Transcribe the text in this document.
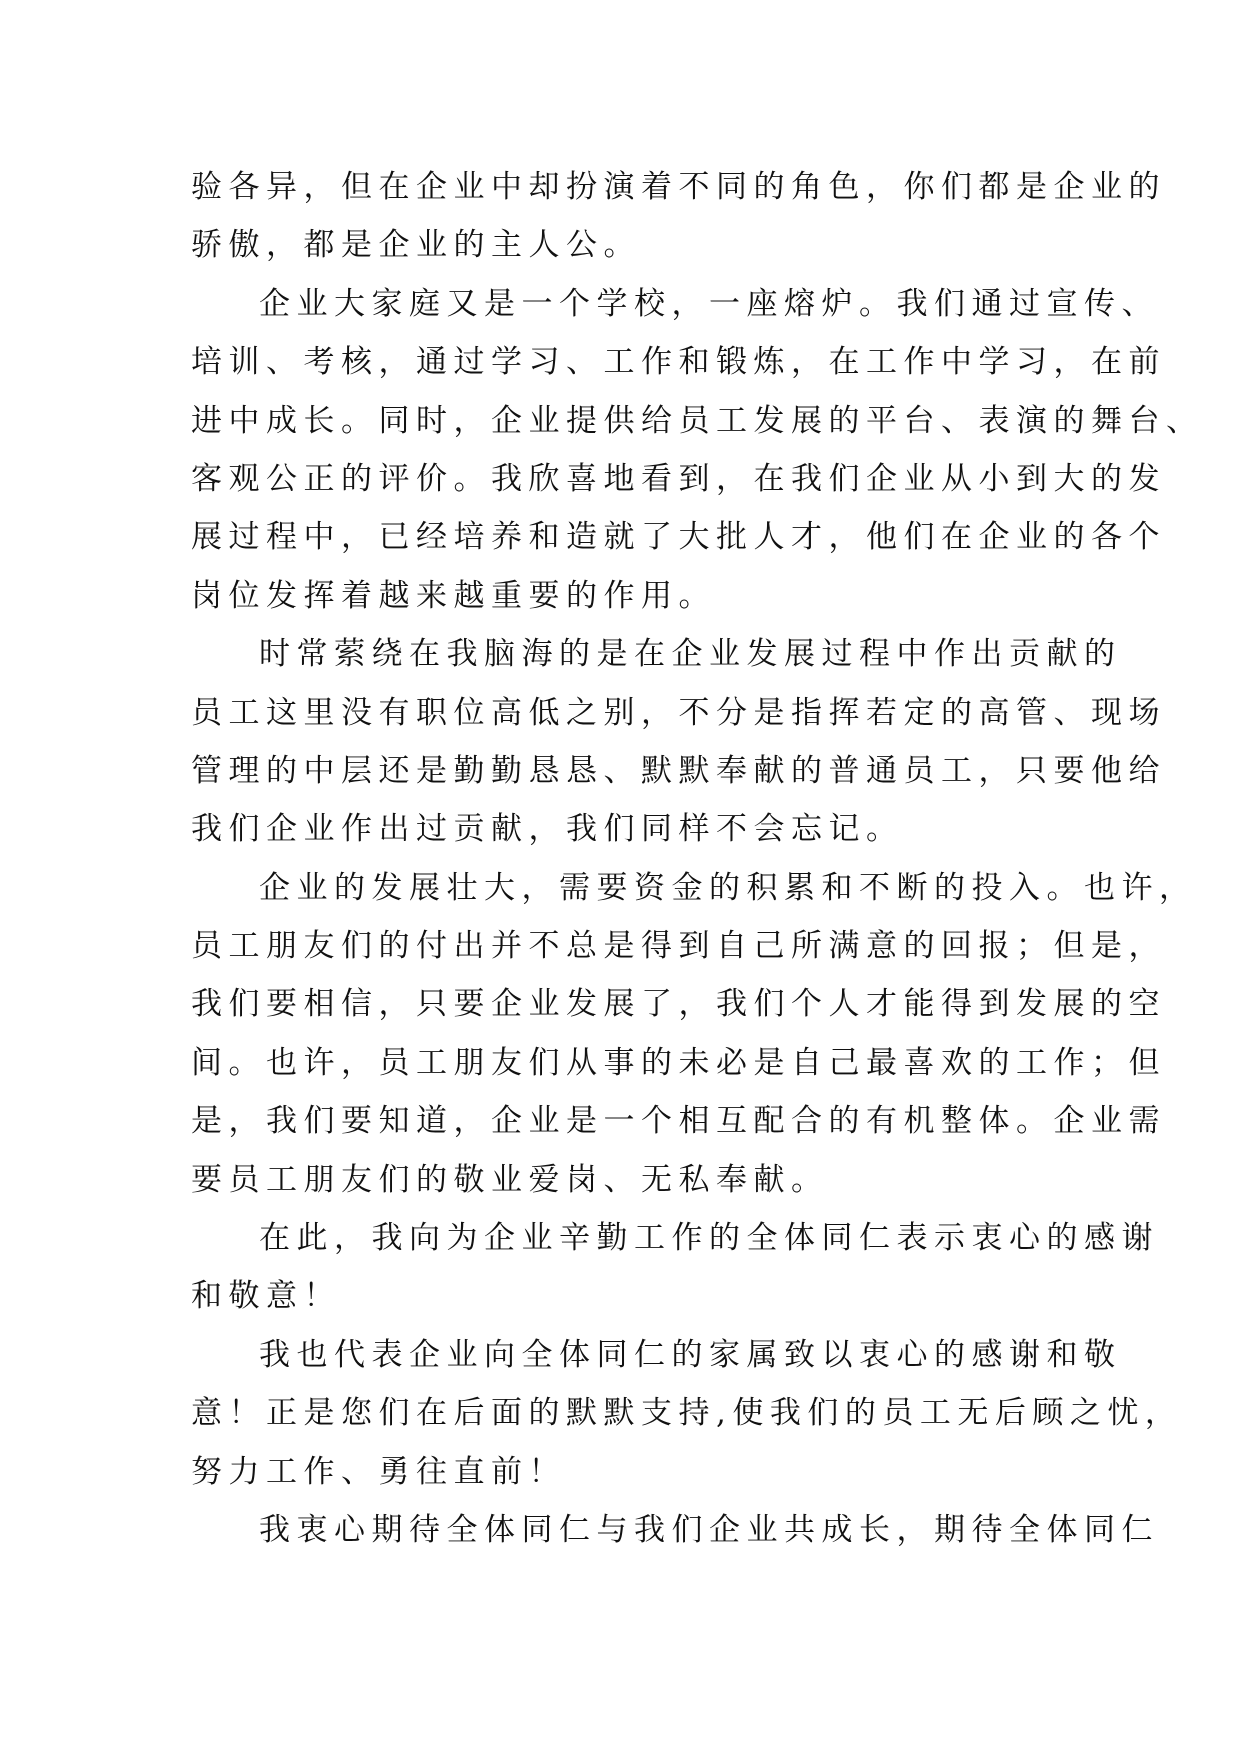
验各异，但在企业中却扮演着不同的角色，你们都是企业的
骄傲，都是企业的主人公。
企业大家庭又是一个学校，一座熔炉。我们通过宣传、
培训、考核，通过学习、工作和锻炼，在工作中学习，在前
进中成长。同时，企业提供给员工发展的平台、表演的舞台、
客观公正的评价。我欣喜地看到，在我们企业从小到大的发
展过程中，已经培养和造就了大批人才，他们在企业的各个
岗位发挥着越来越重要的作用。
时常萦绕在我脑海的是在企业发展过程中作出贡献的
员工这里没有职位高低之别，不分是指挥若定的高管、现场
管理的中层还是勤勤恳恳、默默奉献的普通员工，只要他给
我们企业作出过贡献，我们同样不会忘记。
企业的发展壮大，需要资金的积累和不断的投入。也许，
员工朋友们的付出并不总是得到自己所满意的回报；但是，
我们要相信，只要企业发展了，我们个人才能得到发展的空
间。也许，员工朋友们从事的未必是自己最喜欢的工作；但
是，我们要知道，企业是一个相互配合的有机整体。企业需
要员工朋友们的敬业爱岗、无私奉献。
在此，我向为企业辛勤工作的全体同仁表示衷心的感谢
和敬意！
我也代表企业向全体同仁的家属致以衷心的感谢和敬
意！正是您们在后面的默默支持,使我们的员工无后顾之忧，
努力工作、勇往直前！
我衷心期待全体同仁与我们企业共成长，期待全体同仁
